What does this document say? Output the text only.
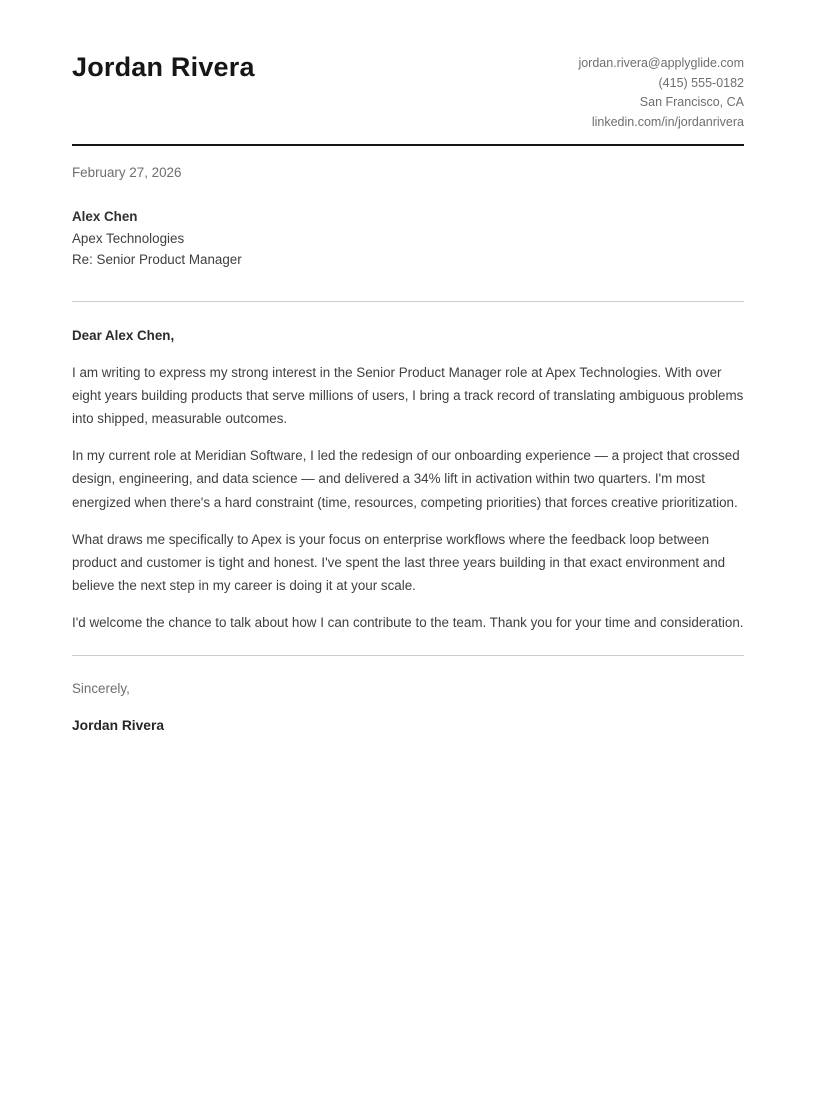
Jordan Rivera	jordan.rivera@applyglide.com
(415) 555-0182
San Francisco, CA
linkedin.com/in/jordanrivera
February 27, 2026
Alex Chen
Apex Technologies
Re: Senior Product Manager

Dear Alex Chen,

I am writing to express my strong interest in the Senior Product Manager role at Apex Technologies. With over eight years building products that serve millions of users, I bring a track record of translating ambiguous problems into shipped, measurable outcomes.

In my current role at Meridian Software, I led the redesign of our onboarding experience — a project that crossed design, engineering, and data science — and delivered a 34% lift in activation within two quarters. I'm most energized when there's a hard constraint (time, resources, competing priorities) that forces creative prioritization.

What draws me specifically to Apex is your focus on enterprise workflows where the feedback loop between product and customer is tight and honest. I've spent the last three years building in that exact environment and believe the next step in my career is doing it at your scale.

I'd welcome the chance to talk about how I can contribute to the team. Thank you for your time and consideration.

Sincerely,

Jordan Rivera
